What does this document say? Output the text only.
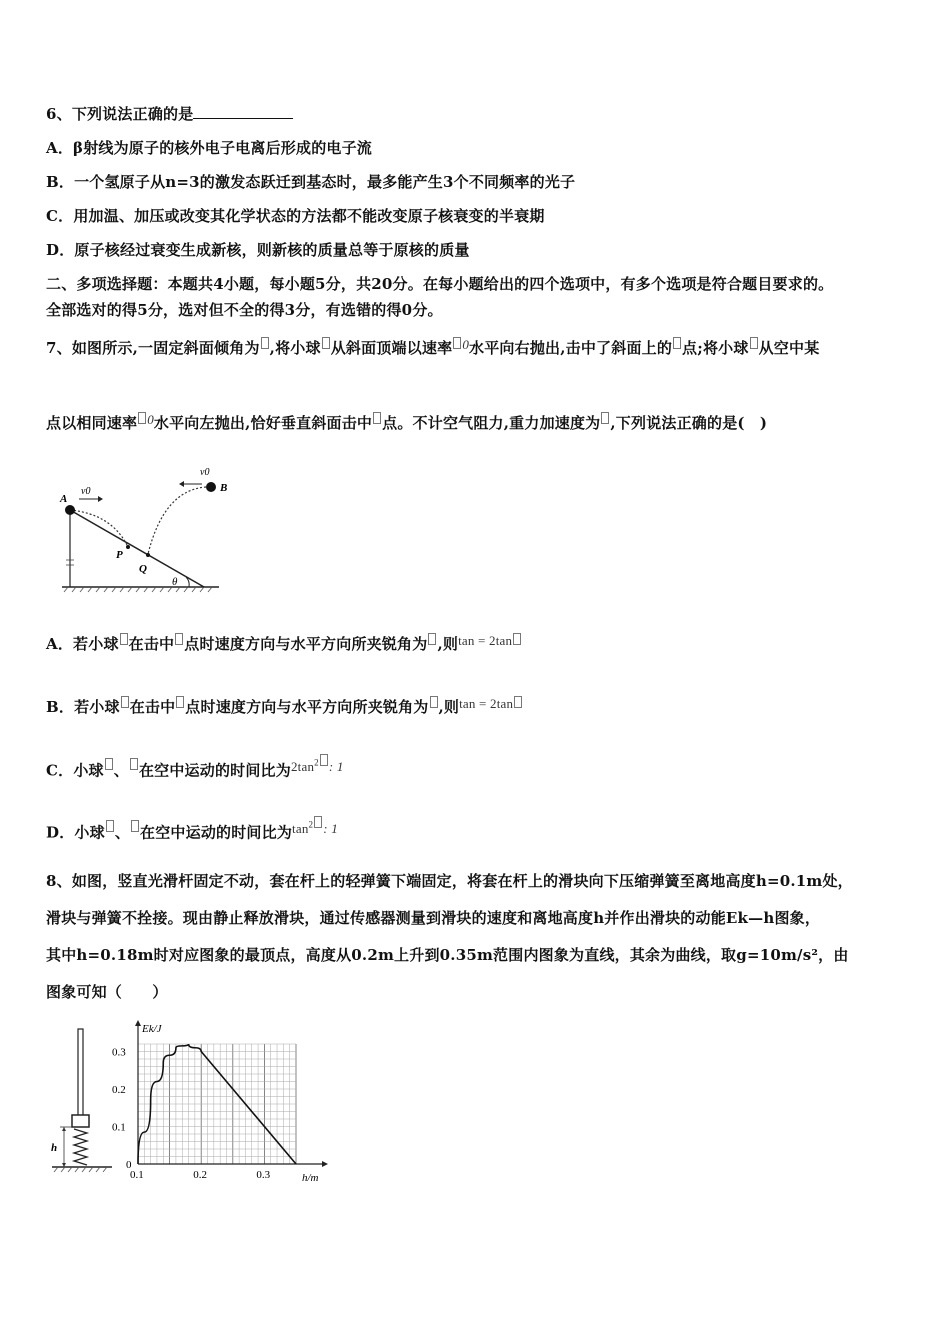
6、下列说法正确的是
A．β射线为原子的核外电子电离后形成的电子流
B．一个氢原子从n=3的激发态跃迁到基态时，最多能产生3个不同频率的光子
C．用加温、加压或改变其化学状态的方法都不能改变原子核衰变的半衰期
D．原子核经过衰变生成新核，则新核的质量总等于原核的质量
二、多项选择题：本题共4小题，每小题5分，共20分。在每小题给出的四个选项中，有多个选项是符合题目要求的。
全部选对的得5分，选对但不全的得3分，有选错的得0分。
7、如图所示,一固定斜面倾角为 ,将小球 从斜面顶端以速率 0水平向右抛出,击中了斜面上的 点;将小球 从空中某
点以相同速率 0水平向左抛出,恰好垂直斜面击中 点。不计空气阻力,重力加速度为 ,下列说法正确的是(　)
v0
v0
A
B
P
Q
θ
A．若小球 在击中 点时速度方向与水平方向所夹锐角为 ,则tan = 2tan
B．若小球 在击中 点时速度方向与水平方向所夹锐角为 ,则tan = 2tan
C．小球 、 在空中运动的时间比为$2\tan^2$ : 1
D．小球 、 在空中运动的时间比为$\tan^2$ : 1
8、如图，竖直光滑杆固定不动，套在杆上的轻弹簧下端固定，将套在杆上的滑块向下压缩弹簧至离地高度h=0.1m处，
滑块与弹簧不拴接。现由静止释放滑块，通过传感器测量到滑块的速度和离地高度h并作出滑块的动能Ek—h图象，
其中h=0.18m时对应图象的最顶点，高度从0.2m上升到0.35m范围内图象为直线，其余为曲线，取g=10m/s²，由
图象可知（　　）
h
Ek/J
h/m
0.1	0.2	0.3
0
0.1
0.2
0.3
